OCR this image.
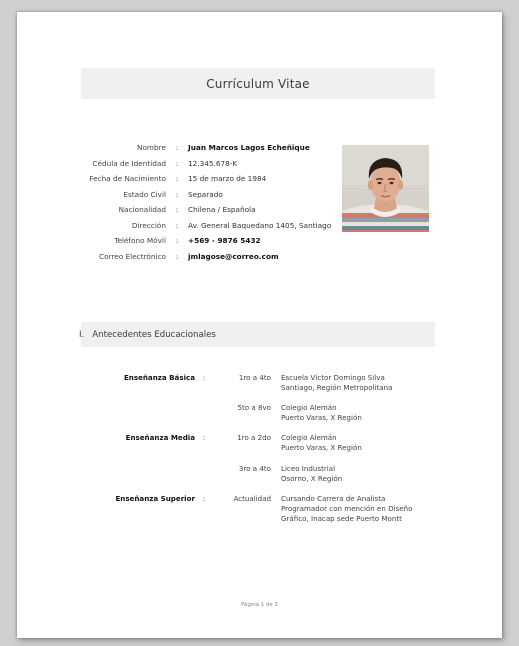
Currículum Vitae
Nombre	:	Juan Marcos Lagos Echeñique
Cédula de Identidad	:	12.345.678-K
Fecha de Nacimiento	:	15 de marzo de 1984
Estado Civil	:	Separado
Nacionalidad	:	Chilena / Española
Dirección	:	Av. General Baquedano 1405, Santiago
Teléfono Móvil	:	+569 - 9876 5432
Correo Electrónico	:	jmlagose@correo.com
I. Antecedentes Educacionales
Enseñanza Básica	:	1ro a 4to Escuela Víctor Domingo Silva
Santiago, Región Metropolitana
5to a 8vo Colegio Alemán
Puerto Varas, X Región
Enseñanza Media	:	1ro a 2do Colegio Alemán
Puerto Varas, X Región
3ro a 4to Liceo Industrial
Osorno, X Región
Enseñanza Superior	:	Actualidad Cursando Carrera de Analista
Programador con mención en Diseño
Gráfico, Inacap sede Puerto Montt
Página 1 de 3
